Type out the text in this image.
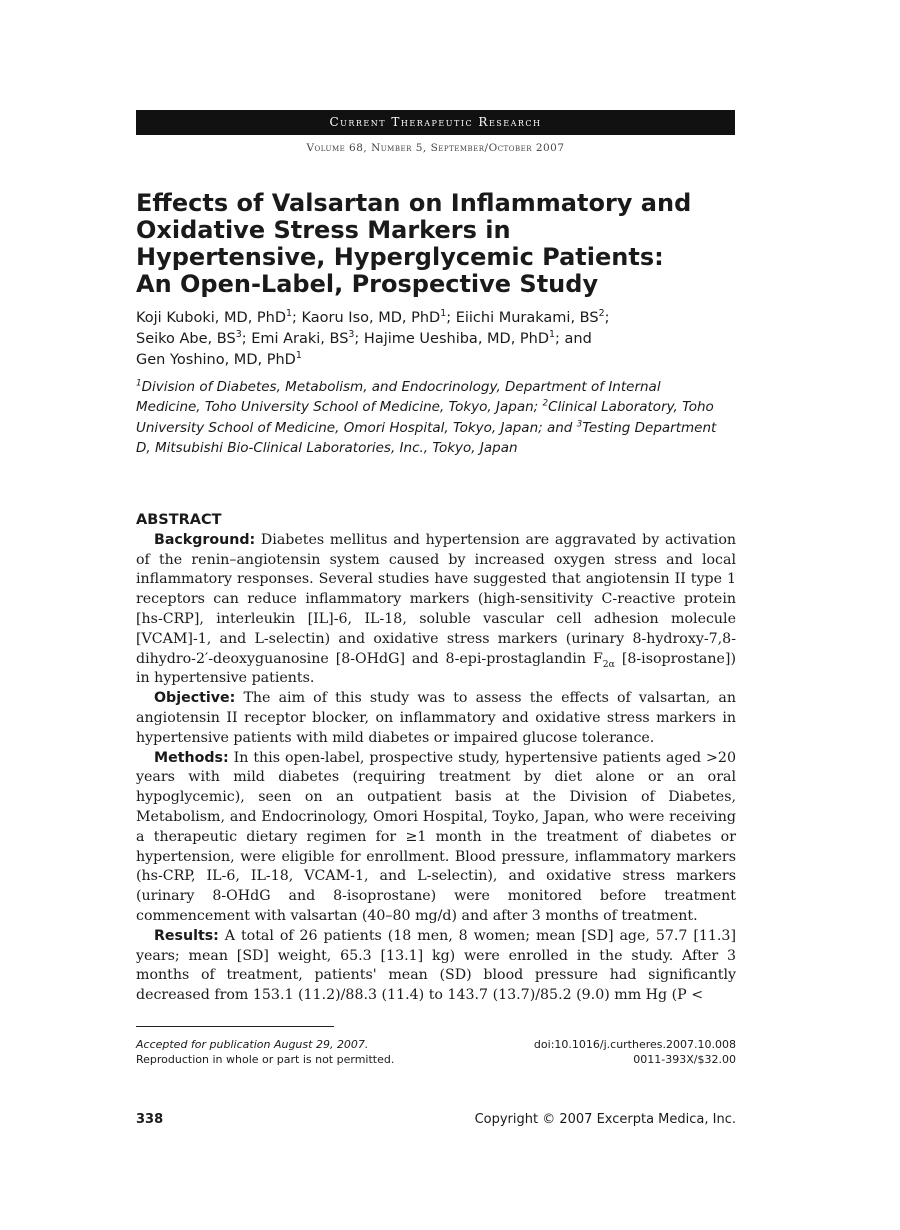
Current Therapeutic Research
Volume 68, Number 5, September/October 2007
Effects of Valsartan on Inflammatory and Oxidative Stress Markers in Hypertensive, Hyperglycemic Patients: An Open-Label, Prospective Study

Koji Kuboki, MD, PhD$^1$; Kaoru Iso, MD, PhD$^1$; Eiichi Murakami, $BS^2$;
Seiko Abe, $BS^3$; Emi Araki, $BS^3$; Hajime Ueshiba, MD, PhD$^1$; and
Gen Yoshino, MD, PhD$^1$

$^1$Division of Diabetes, Metabolism, and Endocrinology, Department of Internal Medicine, Toho University School of Medicine, Tokyo, Japan; $^2$Clinical Laboratory, Toho University School of Medicine, Omori Hospital, Tokyo, Japan; and $^3$Testing Department D, Mitsubishi Bio-Clinical Laboratories, Inc., Tokyo, Japan

ABSTRACT

Background: Diabetes mellitus and hypertension are aggravated by activation of the renin–angiotensin system caused by increased oxygen stress and local inflammatory responses. Several studies have suggested that angiotensin II type 1 receptors can reduce inflammatory markers (high-sensitivity C-reactive protein [hs-CRP], interleukin [IL]-6, IL-18, soluble vascular cell adhesion molecule [VCAM]-1, and L-selectin) and oxidative stress markers (urinary 8-hydroxy-7,8-dihydro-2′-deoxyguanosine [8-OHdG] and 8-epi-prostaglandin $F_{2\alpha}$ [8-isoprostane]) in hypertensive patients.

Objective: The aim of this study was to assess the effects of valsartan, an angiotensin II receptor blocker, on inflammatory and oxidative stress markers in hypertensive patients with mild diabetes or impaired glucose tolerance.

Methods: In this open-label, prospective study, hypertensive patients aged >20 years with mild diabetes (requiring treatment by diet alone or an oral hypoglycemic), seen on an outpatient basis at the Division of Diabetes, Metabolism, and Endocrinology, Omori Hospital, Toyko, Japan, who were receiving a therapeutic dietary regimen for ≥1 month in the treatment of diabetes or hypertension, were eligible for enrollment. Blood pressure, inflammatory markers (hs-CRP, IL-6, IL-18, VCAM-1, and L-selectin), and oxidative stress markers (urinary 8-OHdG and 8-isoprostane) were monitored before treatment commencement with valsartan (40–80 mg/d) and after 3 months of treatment.

Results: A total of 26 patients (18 men, 8 women; mean [SD] age, 57.7 [11.3] years; mean [SD] weight, 65.3 [13.1] kg) were enrolled in the study. After 3 months of treatment, patients' mean (SD) blood pressure had significantly decreased from 153.1 (11.2)/88.3 (11.4) to 143.7 (13.7)/85.2 (9.0) mm Hg (P <

Accepted for publication August 29, 2007.	doi:10.1016/j.curtheres.2007.10.008
Reproduction in whole or part is not permitted.	0011-393X/$32.00
338	Copyright © 2007 Excerpta Medica, Inc.
